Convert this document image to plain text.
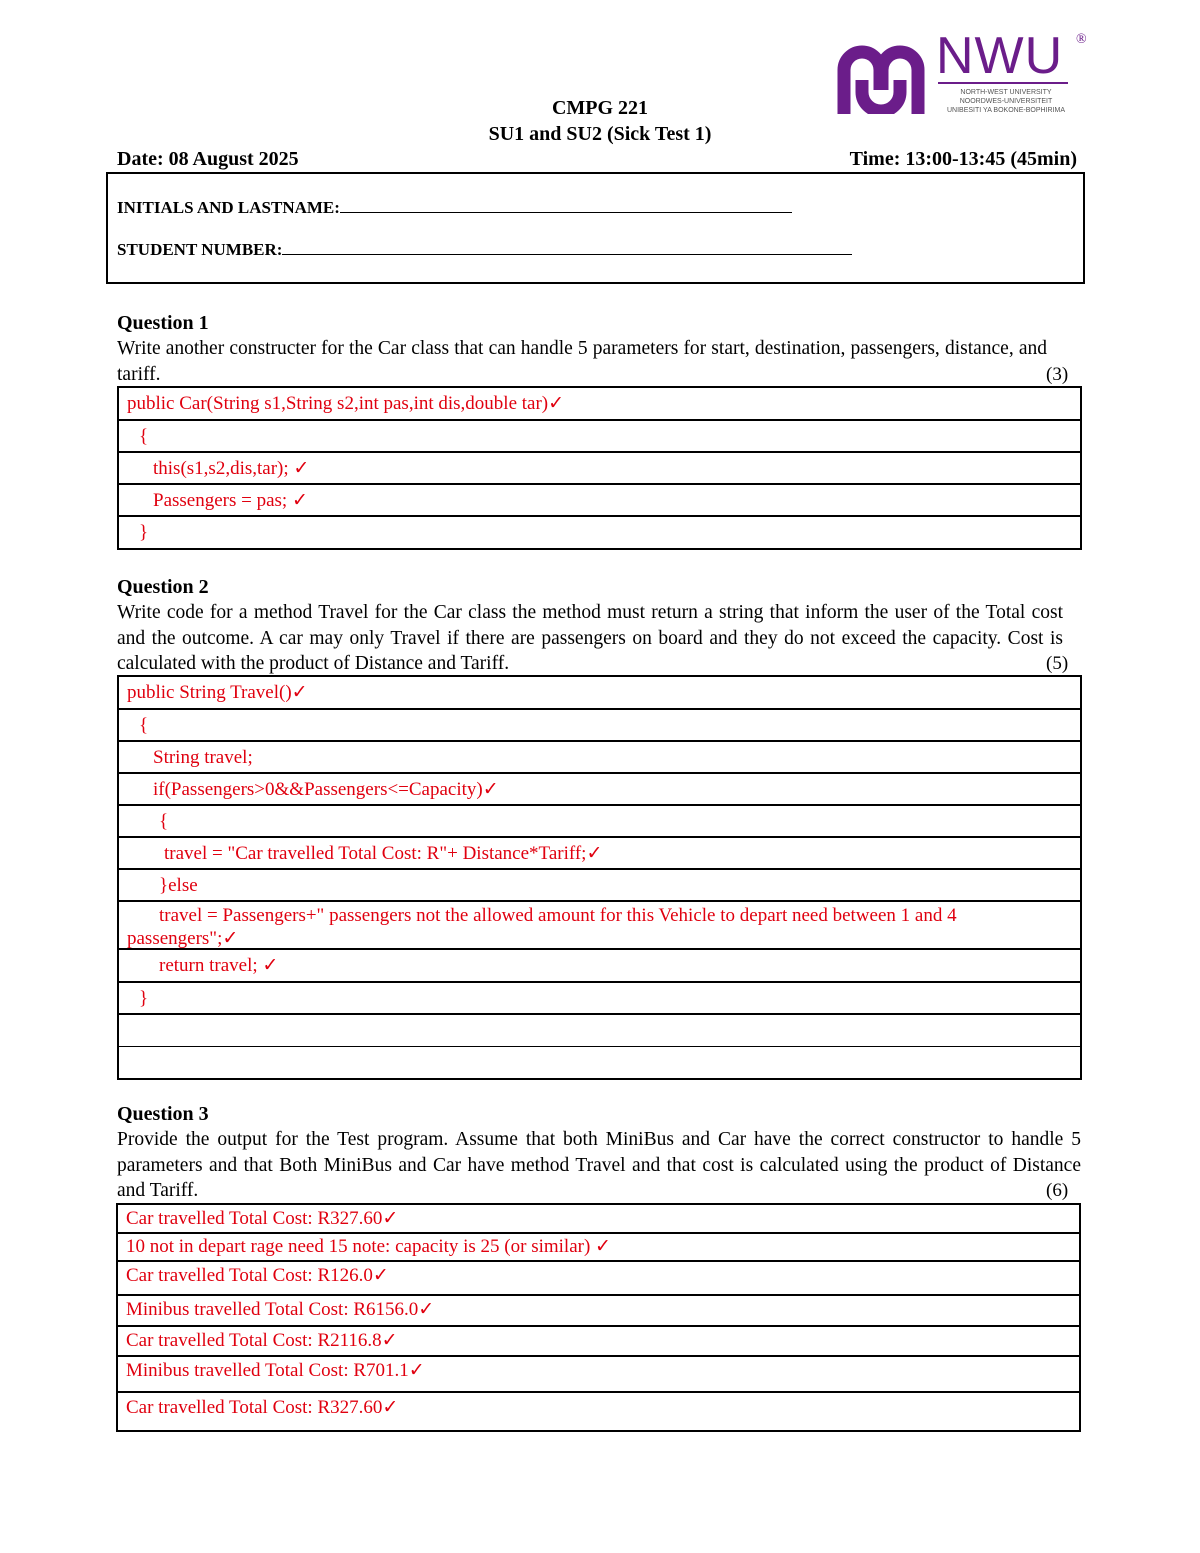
NWU ®
NORTH-WEST UNIVERSITY
NOORDWES-UNIVERSITEIT
UNIBESITI YA BOKONE-BOPHIRIMA
CMPG 221
SU1 and SU2 (Sick Test 1)
Date: 08 August 2025	Time: 13:00-13:45 (45min)
INITIALS AND LASTNAME:
STUDENT NUMBER:
Question 1
Write another constructer for the Car class that can handle 5 parameters for start, destination, passengers, distance, and tariff.	(3)
public Car(String s1,String s2,int pas,int dis,double tar)✓
{
this(s1,s2,dis,tar); ✓
Passengers = pas; ✓
}
Question 2
Write code for a method Travel for the Car class the method must return a string that inform the user of the Total cost and the outcome. A car may only Travel if there are passengers on board and they do not exceed the capacity. Cost is calculated with the product of Distance and Tariff.	(5)
public String Travel()✓
{
String travel;
if(Passengers>0&&Passengers<=Capacity)✓
{
travel = "Car travelled Total Cost: R"+ Distance*Tariff;✓
}else
travel = Passengers+" passengers not the allowed amount for this Vehicle to depart need between 1 and 4
passengers";✓
return travel; ✓
}
Question 3
Provide the output for the Test program. Assume that both MiniBus and Car have the correct constructor to handle 5 parameters and that Both MiniBus and Car have method Travel and that cost is calculated using the product of Distance and Tariff.	(6)
Car travelled Total Cost: R327.60✓
10 not in depart rage need 15 note: capacity is 25 (or similar) ✓
Car travelled Total Cost: R126.0✓
Minibus travelled Total Cost: R6156.0✓
Car travelled Total Cost: R2116.8✓
Minibus travelled Total Cost: R701.1✓
Car travelled Total Cost: R327.60✓
